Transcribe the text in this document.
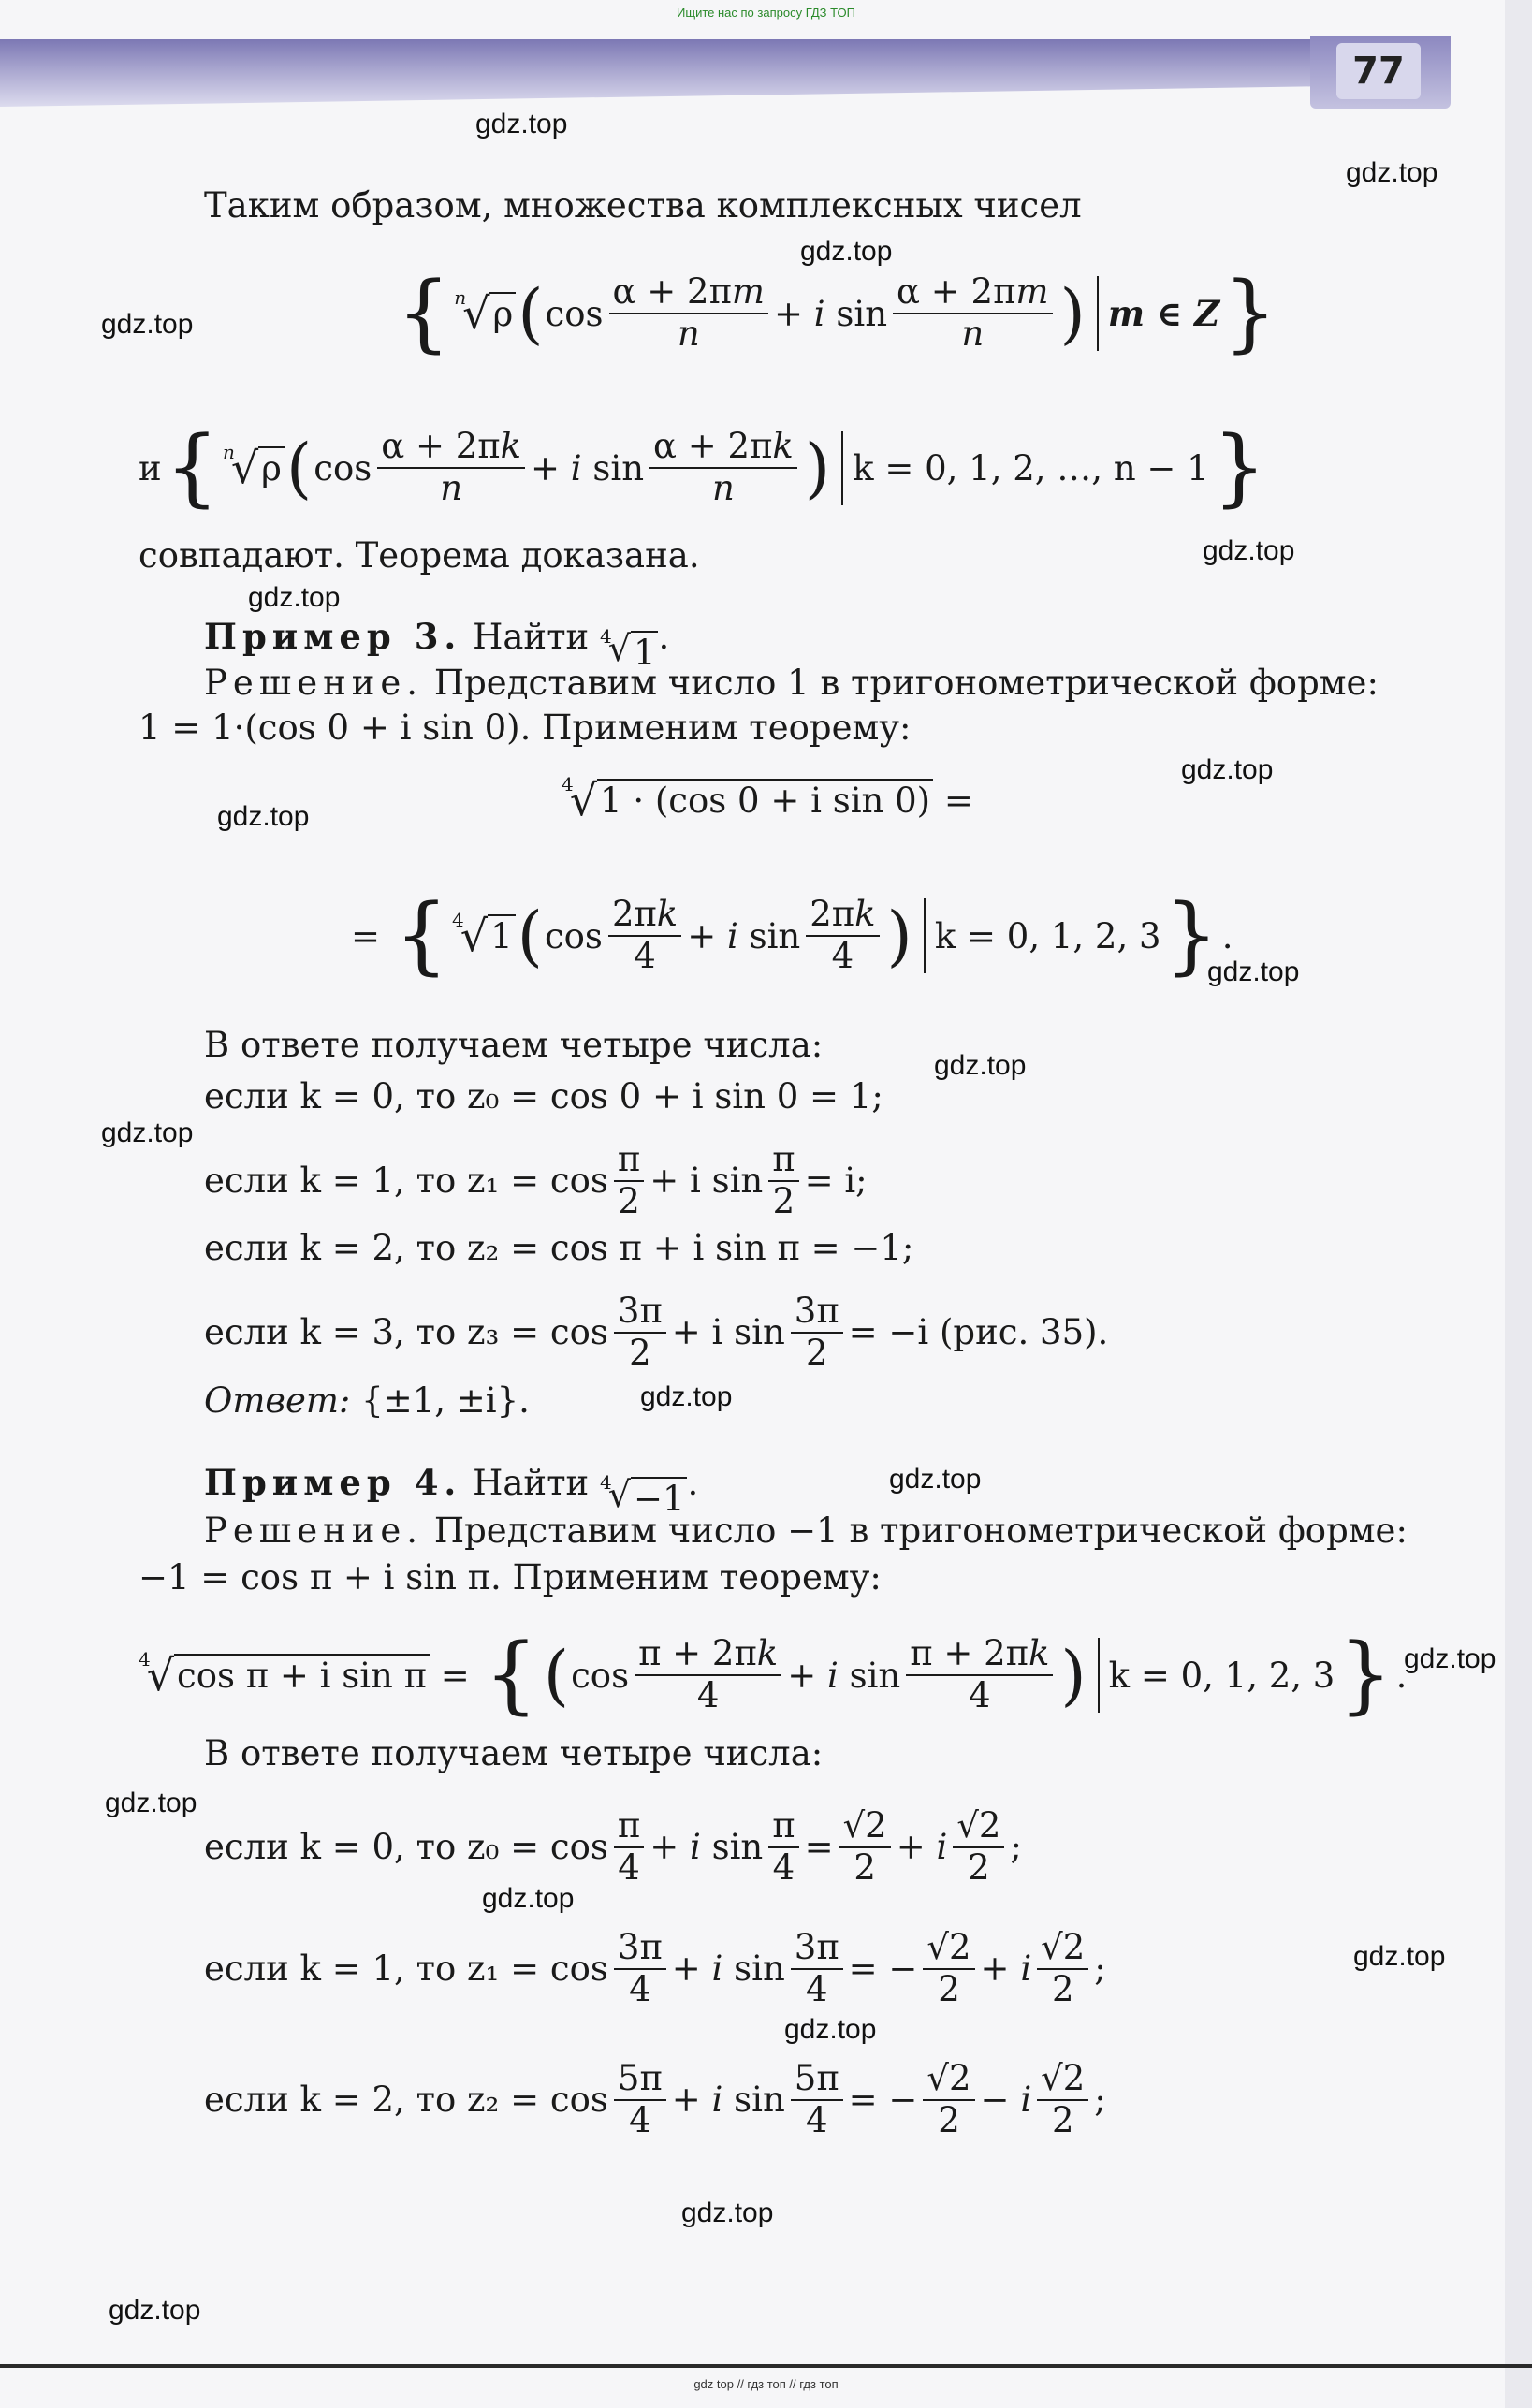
Ищите нас по запросу ГДЗ ТОП
77
gdz.top
gdz.top
gdz.top
gdz.top
gdz.top
gdz.top
gdz.top
gdz.top
gdz.top
gdz.top
gdz.top
gdz.top
gdz.top
gdz.top
gdz.top
gdz.top
gdz.top
gdz.top
gdz.top
gdz.top
Таким образом, множества комплексных чисел
{ n
√ ρ ( $\cos \frac{\alpha + 2\pi m}{n} + i$ $\sin \frac{\alpha + 2\pi m}{n}$ ) m ∈ Z }
и { n
√ ρ ( $\cos \frac{\alpha + 2\pi k}{n} + i$ $\sin \frac{\alpha + 2\pi k}{n}$ ) k = 0, 1, 2, …, n − 1 }
совпадают. Теорема доказана.
Пример 3. Найти 4
√ 1 .
Решение. Представим число 1 в тригонометрической форме:
1 = 1·(cos 0 + i sin 0). Применим теорему:
4
√ 1 · (cos 0 + i sin 0) =
= { 4
√ 1 ( $\cos \frac{2\pi k}{4} + i$ $\sin \frac{2\pi k}{4}$ ) k = 0, 1, 2, 3 } .
В ответе получаем четыре числа:
если k = 0, то z₀ = cos 0 + i sin 0 = 1;
если k = 1, то $z_1 = \cos \frac{\pi}{2} + i$ $\sin \frac{\pi}{2} = i$;
если k = 2, то z₂ = cos π + i sin π = −1;
если k = 3, то $z_3 = \cos \frac{3\pi}{2} + i$ $\sin \frac{3\pi}{2} = -i$ (рис. 35).
Ответ: {±1, ±i}.
Пример 4. Найти 4
√ −1 .
Решение. Представим число −1 в тригонометрической форме:
−1 = cos π + i sin π. Применим теорему:
4
√ cos π + i sin π = { ( $\cos \frac{\pi + 2\pi k}{4} + i$ $\sin \frac{\pi + 2\pi k}{4}$ ) k = 0, 1, 2, 3 } .
В ответе получаем четыре числа:
если k = 0, то $z_0 = \cos \frac{\pi}{4} + i$ $\sin \frac{\pi}{4} = \frac{√2}{2} + i \frac{√2}{2}$ ;
если k = 1, то $z_1 = \cos \frac{3\pi}{4} + i$ $\sin \frac{3\pi}{4}$ = − $\frac{√2}{2} + i \frac{√2}{2}$ ;
если k = 2, то $z_2 = \cos \frac{5\pi}{4} + i$ $\sin \frac{5\pi}{4}$ = − $\frac{√2}{2} - i \frac{√2}{2}$ ;
gdz top // гдз топ // гдз топ
